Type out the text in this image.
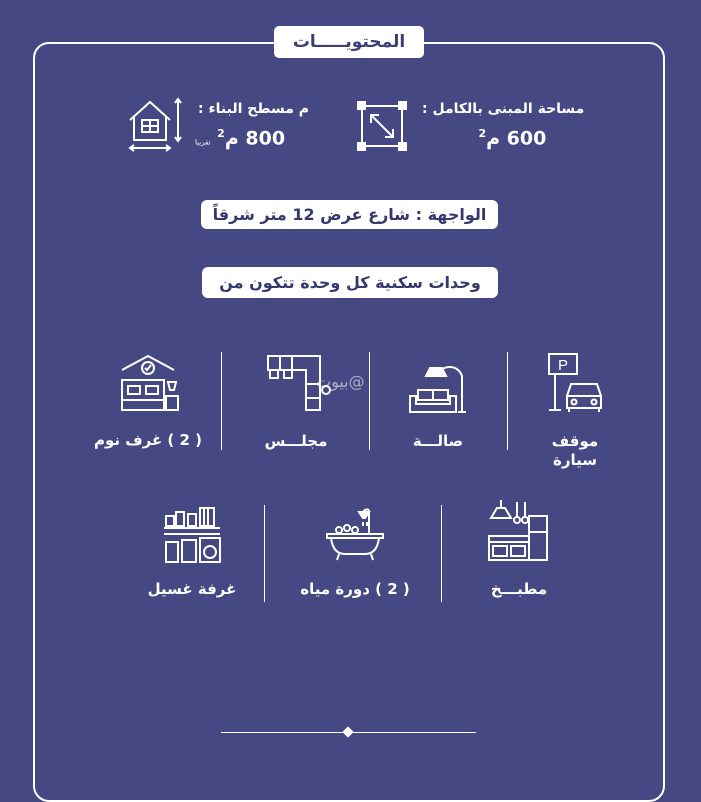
المحتويـــــات
م مسطح البناء :
800 م$^2$ تقريبا
مساحة المبنى بالكامل :
600 م$^2$
الواجهة : شارع عرض 12 متر شرقاً
وحدات سكنية كل وحدة تتكون من
بيوت@
P
موقف
سيارة
صالـــة
مجلـــس
( 2 ) غرف نوم
مطبـــخ
( 2 ) دورة مياه
غرفة غسيل
